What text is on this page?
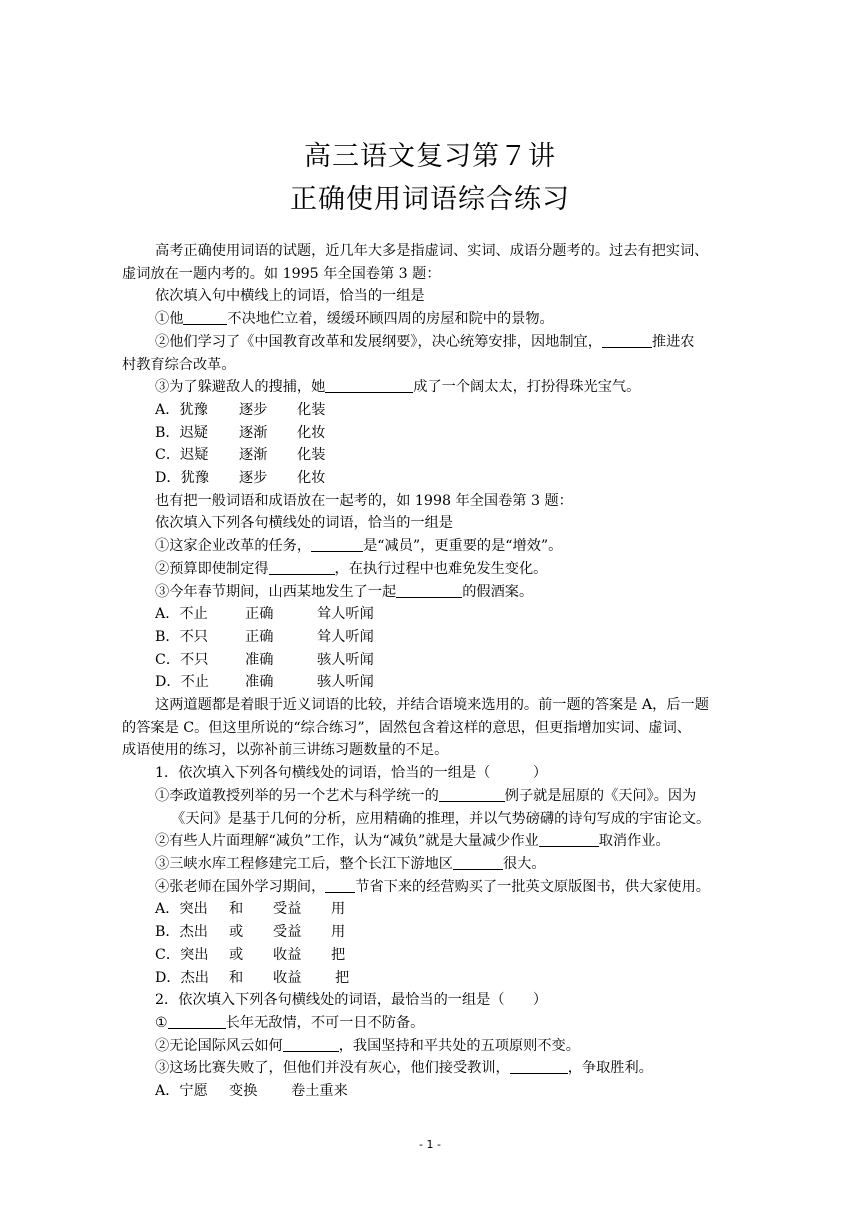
高三语文复习第７讲
正确使用词语综合练习

高考正确使用词语的试题，近几年大多是指虚词、实词、成语分题考的。过去有把实词、

虚词放在一题内考的。如 1995 年全国卷第 3 题：

依次填入句中横线上的词语，恰当的一组是

①他	不决地伫立着，缓缓环顾四周的房屋和院中的景物。

②他们学习了《中国教育改革和发展纲要》，决心统筹安排，因地制宜，	推进农

村教育综合改革。

③为了躲避敌人的搜捕，她	成了一个阔太太，打扮得珠光宝气。

A．犹豫 逐步 化装

B．迟疑 逐渐 化妆

C．迟疑 逐渐 化装

D．犹豫 逐步 化妆

也有把一般词语和成语放在一起考的，如 1998 年全国卷第 3 题：

依次填入下列各句横线处的词语，恰当的一组是

①这家企业改革的任务，	是“减员”，更重要的是“增效”。

②预算即使制定得	，在执行过程中也难免发生变化。

③今年春节期间，山西某地发生了一起	的假酒案。

A．不止	正确	耸人听闻

B．不只	正确	耸人听闻

C．不只	准确	骇人听闻

D．不止	准确	骇人听闻

这两道题都是着眼于近义词语的比较，并结合语境来选用的。前一题的答案是 A，后一题

的答案是 C。但这里所说的“综合练习”，固然包含着这样的意思，但更指增加实词、虚词、

成语使用的练习，以弥补前三讲练习题数量的不足。

1．依次填入下列各句横线处的词语，恰当的一组是（　　　）

①李政道教授列举的另一个艺术与科学统一的	例子就是屈原的《天问》。因为

《天问》是基于几何的分析，应用精确的推理，并以气势磅礴的诗句写成的宇宙论文。

②有些人片面理解“减负”工作，认为“减负”就是大量减少作业	取消作业。

③三峡水库工程修建完工后，整个长江下游地区	很大。

④张老师在国外学习期间， 节省下来的经营购买了一批英文原版图书，供大家使用。

A．突出 和 受益 用

B．杰出 或 受益 用

C．突出 或 收益 把

D．杰出 和 收益 把

2．依次填入下列各句横线处的词语，最恰当的一组是（　　）

①	长年无敌情，不可一日不防备。

②无论国际风云如何	，我国坚持和平共处的五项原则不变。

③这场比赛失败了，但他们并没有灰心，他们接受教训，	，争取胜利。

A．宁愿 变换 卷土重来

- 1 -
